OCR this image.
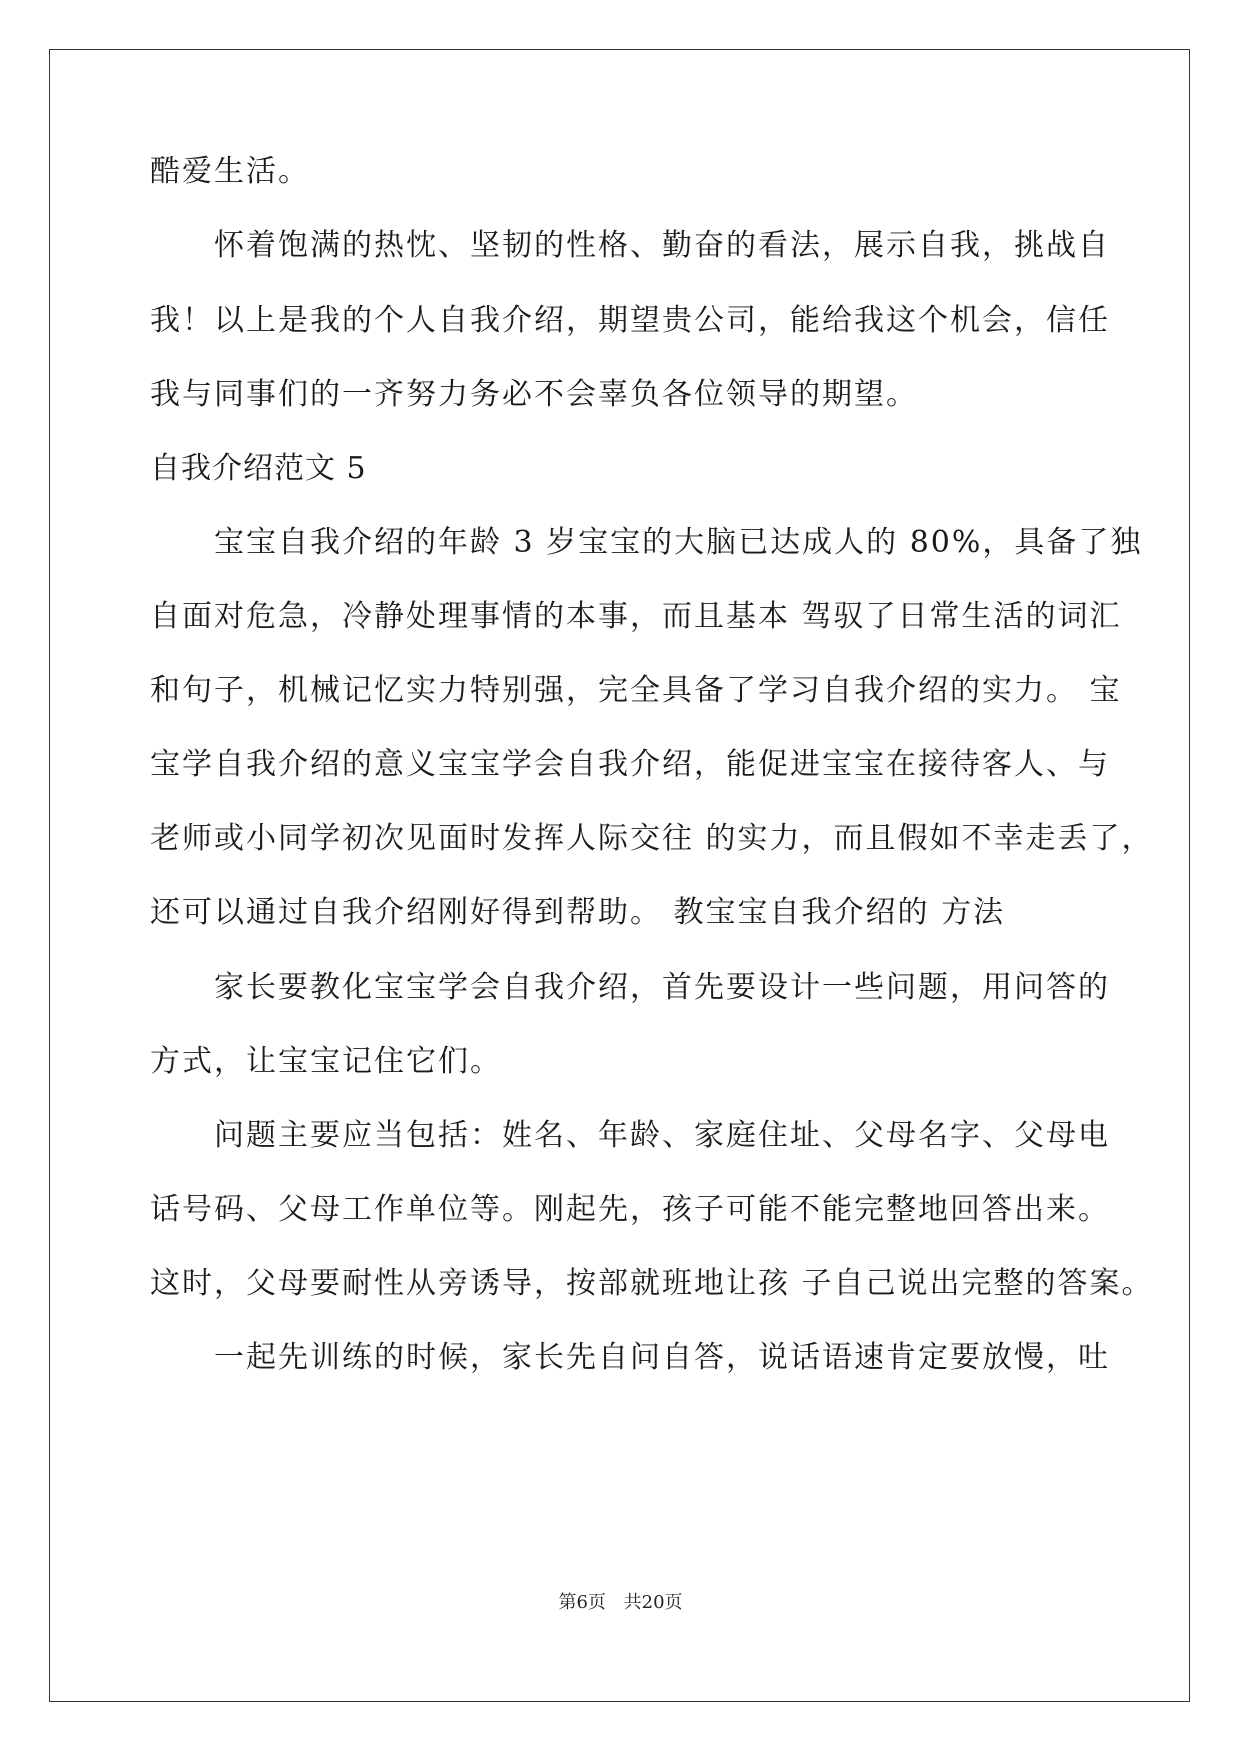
酷爱生活。
怀着饱满的热忱、坚韧的性格、勤奋的看法，展示自我，挑战自
我！以上是我的个人自我介绍，期望贵公司，能给我这个机会，信任
我与同事们的一齐努力务必不会辜负各位领导的期望。
自我介绍范文 5
宝宝自我介绍的年龄 3 岁宝宝的大脑已达成人的 80%，具备了独
自面对危急，冷静处理事情的本事，而且基本 驾驭了日常生活的词汇
和句子，机械记忆实力特别强，完全具备了学习自我介绍的实力。 宝
宝学自我介绍的意义宝宝学会自我介绍，能促进宝宝在接待客人、与
老师或小同学初次见面时发挥人际交往 的实力，而且假如不幸走丢了，
还可以通过自我介绍刚好得到帮助。 教宝宝自我介绍的 方法
家长要教化宝宝学会自我介绍，首先要设计一些问题，用问答的
方式，让宝宝记住它们。
问题主要应当包括：姓名、年龄、家庭住址、父母名字、父母电
话号码、父母工作单位等。刚起先，孩子可能不能完整地回答出来。
这时，父母要耐性从旁诱导，按部就班地让孩 子自己说出完整的答案。
一起先训练的时候，家长先自问自答，说话语速肯定要放慢，吐
第6页 共20页
